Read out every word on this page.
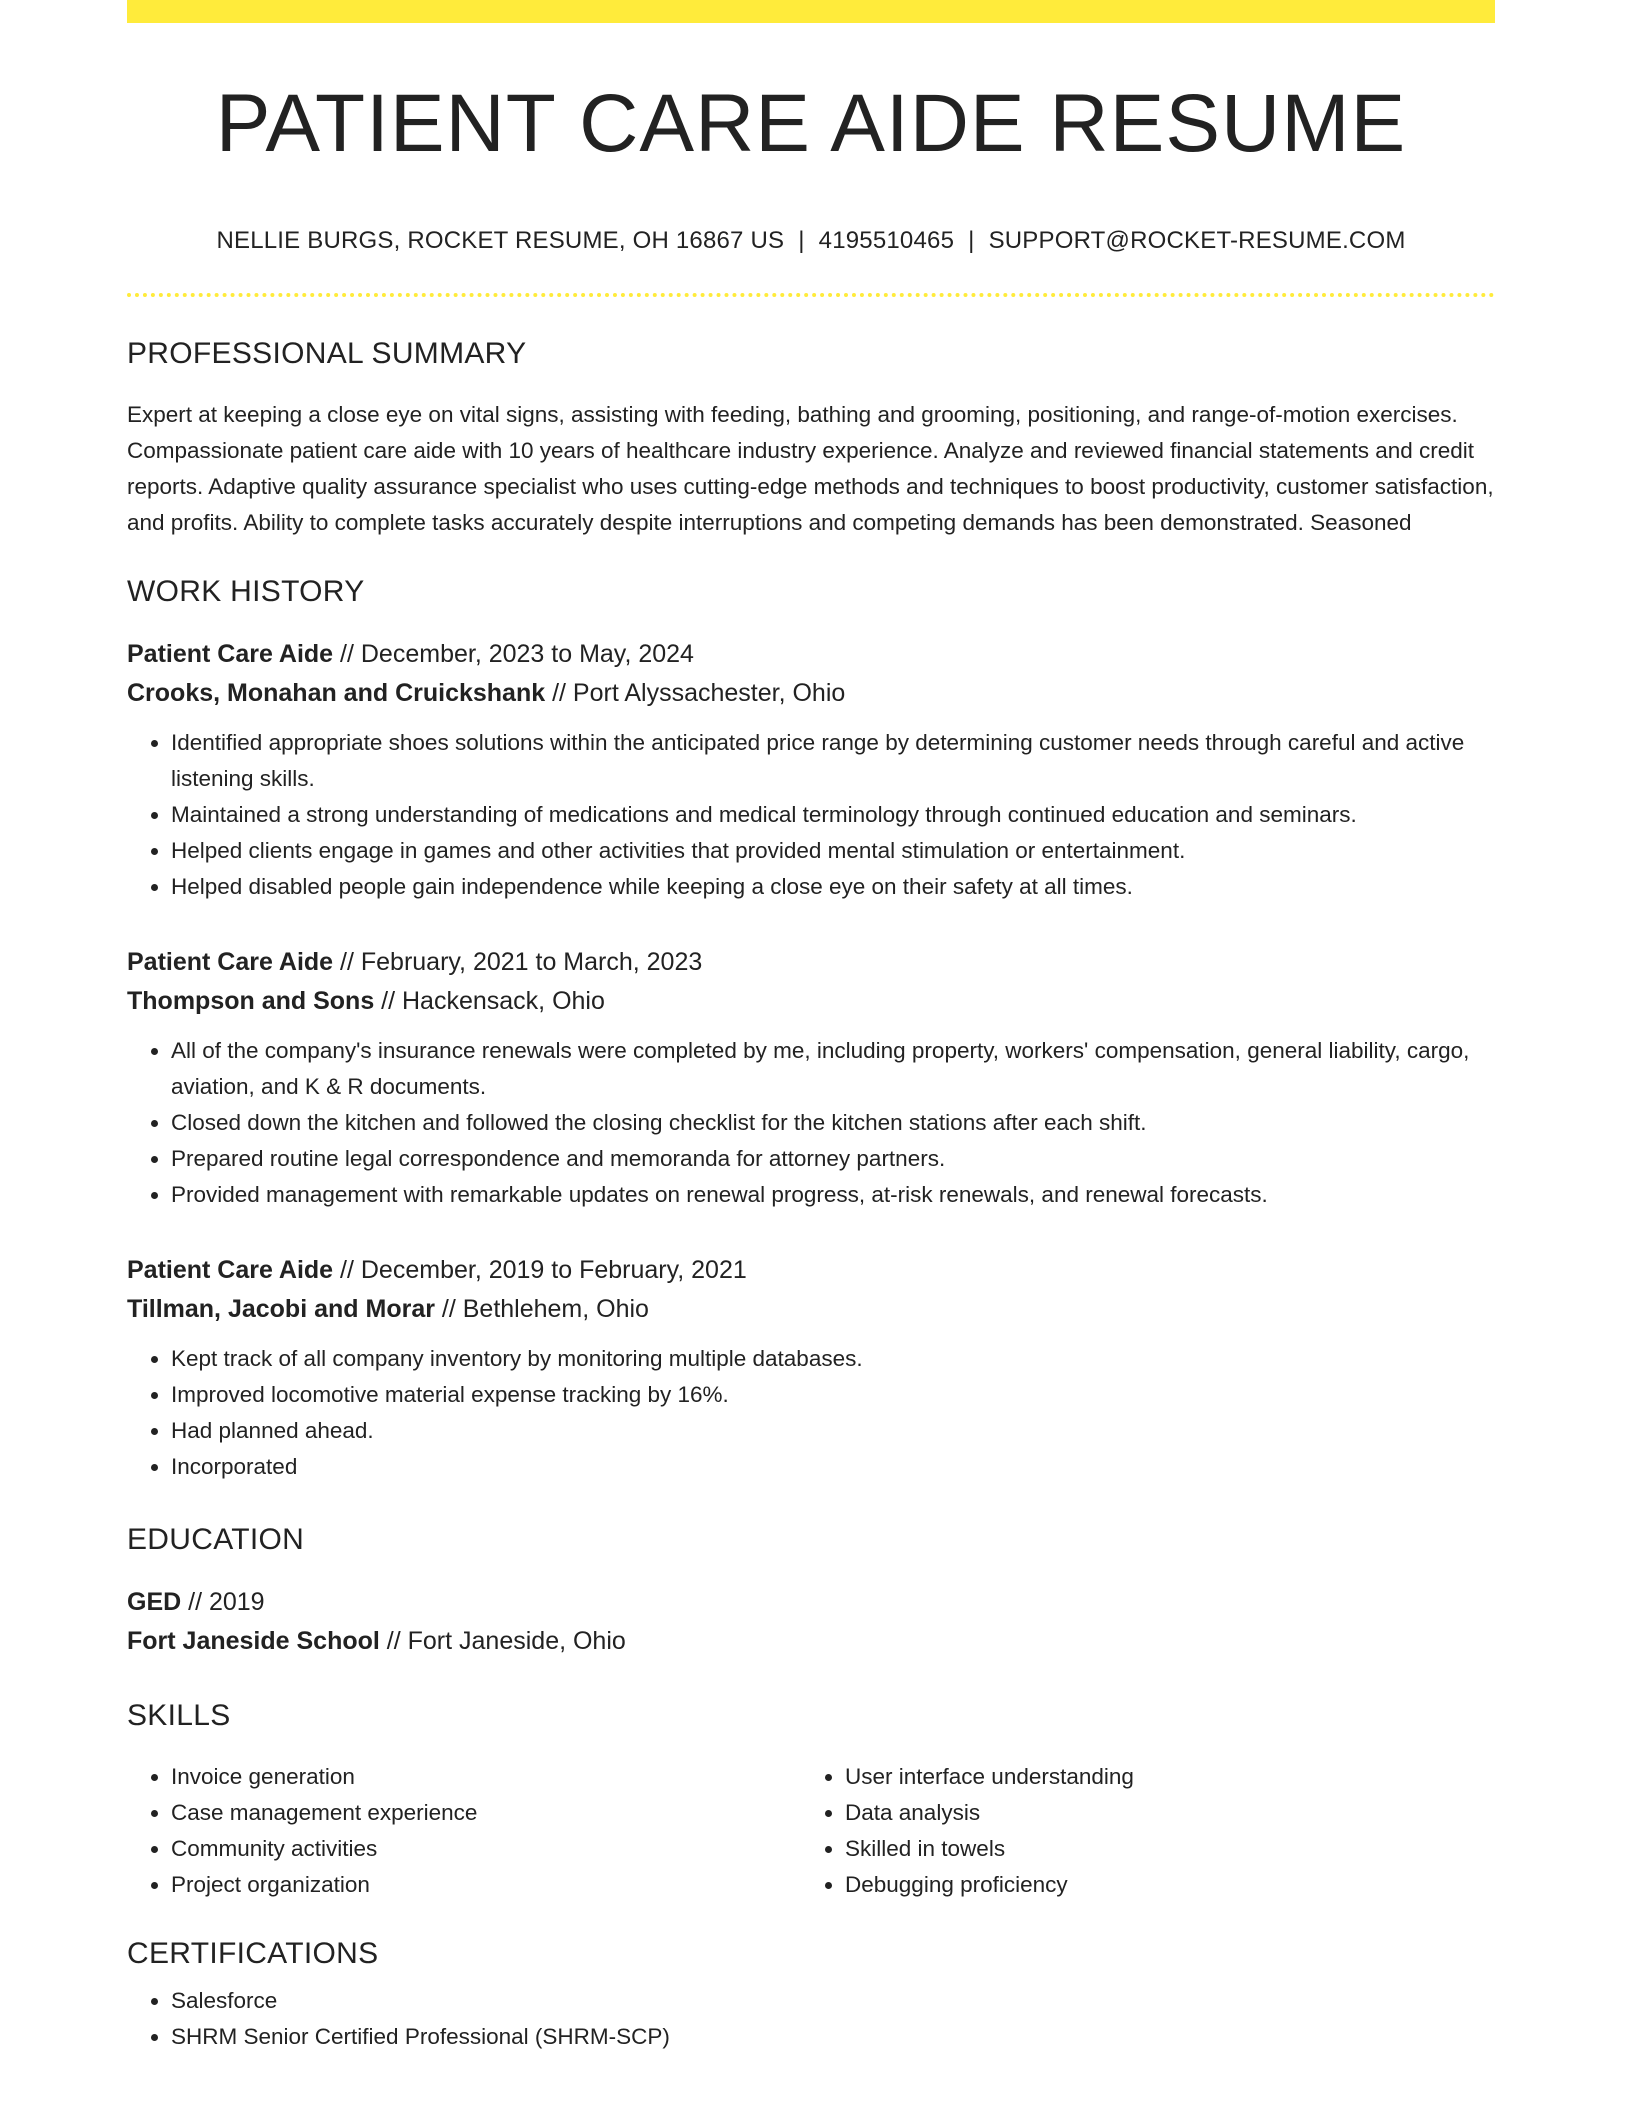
PATIENT CARE AIDE RESUME
NELLIE BURGS, ROCKET RESUME, OH 16867 US | 4195510465 | SUPPORT@ROCKET-RESUME.COM
PROFESSIONAL SUMMARY
Expert at keeping a close eye on vital signs, assisting with feeding, bathing and grooming, positioning, and range-of-motion exercises. Compassionate patient care aide with 10 years of healthcare industry experience. Analyze and reviewed financial statements and credit reports. Adaptive quality assurance specialist who uses cutting-edge methods and techniques to boost productivity, customer satisfaction, and profits. Ability to complete tasks accurately despite interruptions and competing demands has been demonstrated. Seasoned
WORK HISTORY
Patient Care Aide // December, 2023 to May, 2024
Crooks, Monahan and Cruickshank // Port Alyssachester, Ohio
• Identified appropriate shoes solutions within the anticipated price range by determining customer needs through careful and active listening skills.
• Maintained a strong understanding of medications and medical terminology through continued education and seminars.
• Helped clients engage in games and other activities that provided mental stimulation or entertainment.
• Helped disabled people gain independence while keeping a close eye on their safety at all times.
Patient Care Aide // February, 2021 to March, 2023
Thompson and Sons // Hackensack, Ohio
• All of the company's insurance renewals were completed by me, including property, workers' compensation, general liability, cargo, aviation, and K & R documents.
• Closed down the kitchen and followed the closing checklist for the kitchen stations after each shift.
• Prepared routine legal correspondence and memoranda for attorney partners.
• Provided management with remarkable updates on renewal progress, at-risk renewals, and renewal forecasts.
Patient Care Aide // December, 2019 to February, 2021
Tillman, Jacobi and Morar // Bethlehem, Ohio
• Kept track of all company inventory by monitoring multiple databases.
• Improved locomotive material expense tracking by 16%.
• Had planned ahead.
• Incorporated
EDUCATION
GED // 2019
Fort Janeside School // Fort Janeside, Ohio
SKILLS
• Invoice generation
• Case management experience
• Community activities
• Project organization
• User interface understanding
• Data analysis
• Skilled in towels
• Debugging proficiency
CERTIFICATIONS
• Salesforce
• SHRM Senior Certified Professional (SHRM-SCP)
